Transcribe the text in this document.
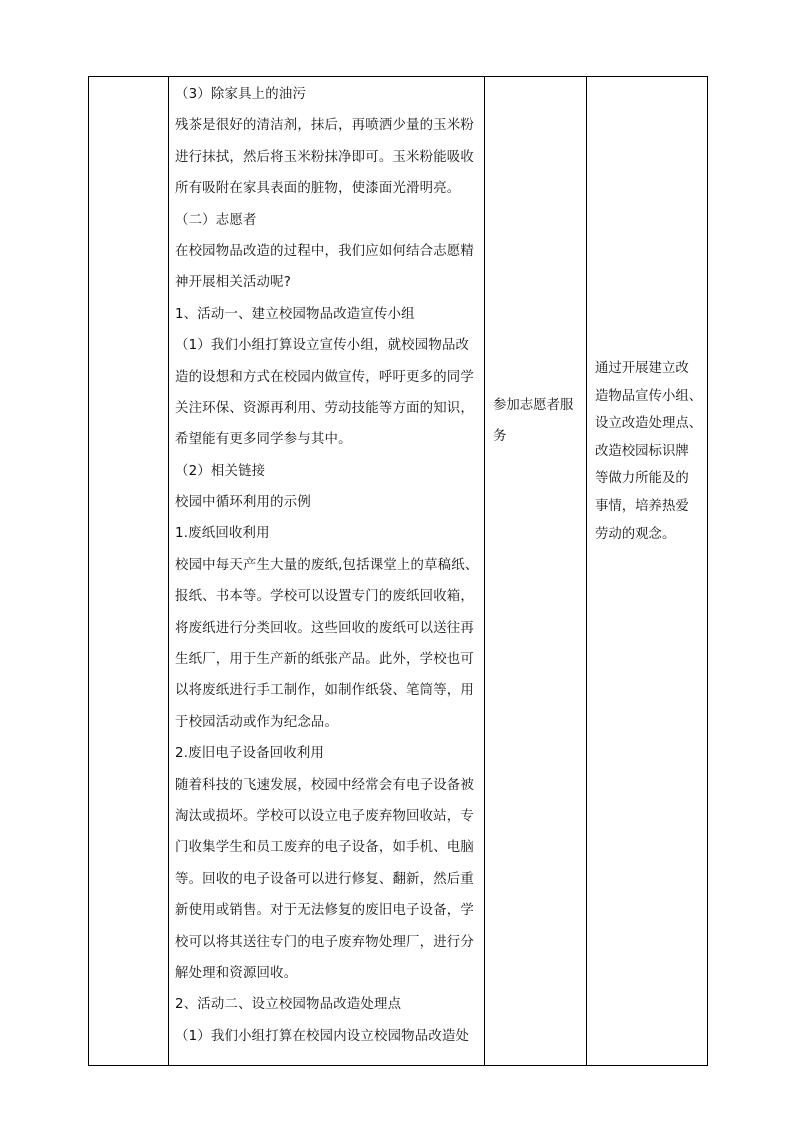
（3）除家具上的油污
残茶是很好的清洁剂，抹后，再喷洒少量的玉米粉
进行抹拭，然后将玉米粉抹净即可。玉米粉能吸收
所有吸附在家具表面的脏物，使漆面光滑明亮。
（二）志愿者
在校园物品改造的过程中，我们应如何结合志愿精
神开展相关活动呢?
1、活动一、建立校园物品改造宣传小组
（1）我们小组打算设立宣传小组，就校园物品改
造的设想和方式在校园内做宣传，呼吁更多的同学
关注环保、资源再利用、劳动技能等方面的知识，
希望能有更多同学参与其中。
（2）相关链接
校园中循环利用的示例
1.废纸回收利用
校园中每天产生大量的废纸,包括课堂上的草稿纸、
报纸、书本等。学校可以设置专门的废纸回收箱，
将废纸进行分类回收。这些回收的废纸可以送往再
生纸厂，用于生产新的纸张产品。此外，学校也可
以将废纸进行手工制作，如制作纸袋、笔筒等，用
于校园活动或作为纪念品。
2.废旧电子设备回收利用
随着科技的飞速发展，校园中经常会有电子设备被
淘汰或损坏。学校可以设立电子废弃物回收站，专
门收集学生和员工废弃的电子设备，如手机、电脑
等。回收的电子设备可以进行修复、翻新，然后重
新使用或销售。对于无法修复的废旧电子设备，学
校可以将其送往专门的电子废弃物处理厂，进行分
解处理和资源回收。
2、活动二、设立校园物品改造处理点
（1）我们小组打算在校园内设立校园物品改造处
参加志愿者服
务
通过开展建立改
造物品宣传小组、
设立改造处理点、
改造校园标识牌
等做力所能及的
事情，培养热爱
劳动的观念。
